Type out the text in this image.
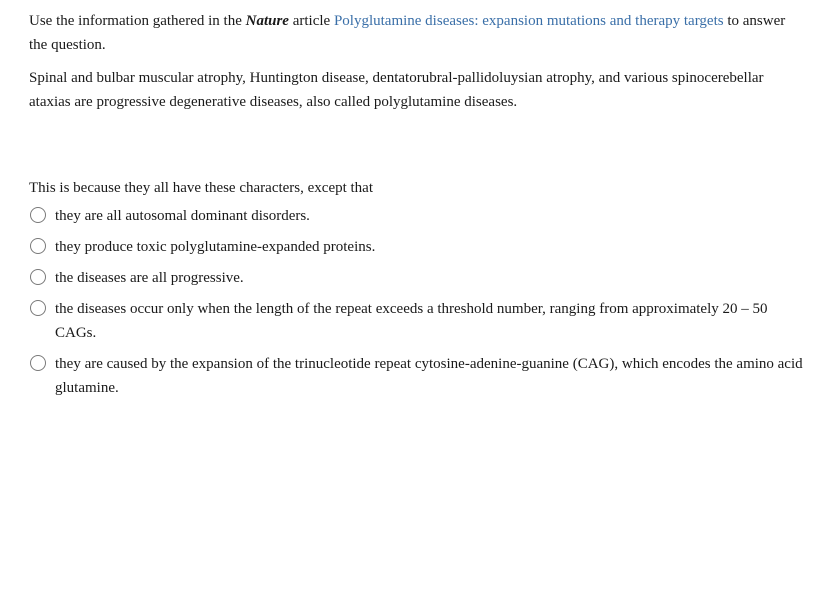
Use the information gathered in the Nature article Polyglutamine diseases: expansion mutations and therapy targets to answer the question.

Spinal and bulbar muscular atrophy, Huntington disease, dentatorubral-pallidoluysian atrophy, and various spinocerebellar ataxias are progressive degenerative diseases, also called polyglutamine diseases.

This is because they all have these characters, except that

they are all autosomal dominant disorders.
they produce toxic polyglutamine-expanded proteins.
the diseases are all progressive.
the diseases occur only when the length of the repeat exceeds a threshold number, ranging from approximately 20 – 50 CAGs.
they are caused by the expansion of the trinucleotide repeat cytosine-adenine-guanine (CAG), which encodes the amino acid glutamine.
